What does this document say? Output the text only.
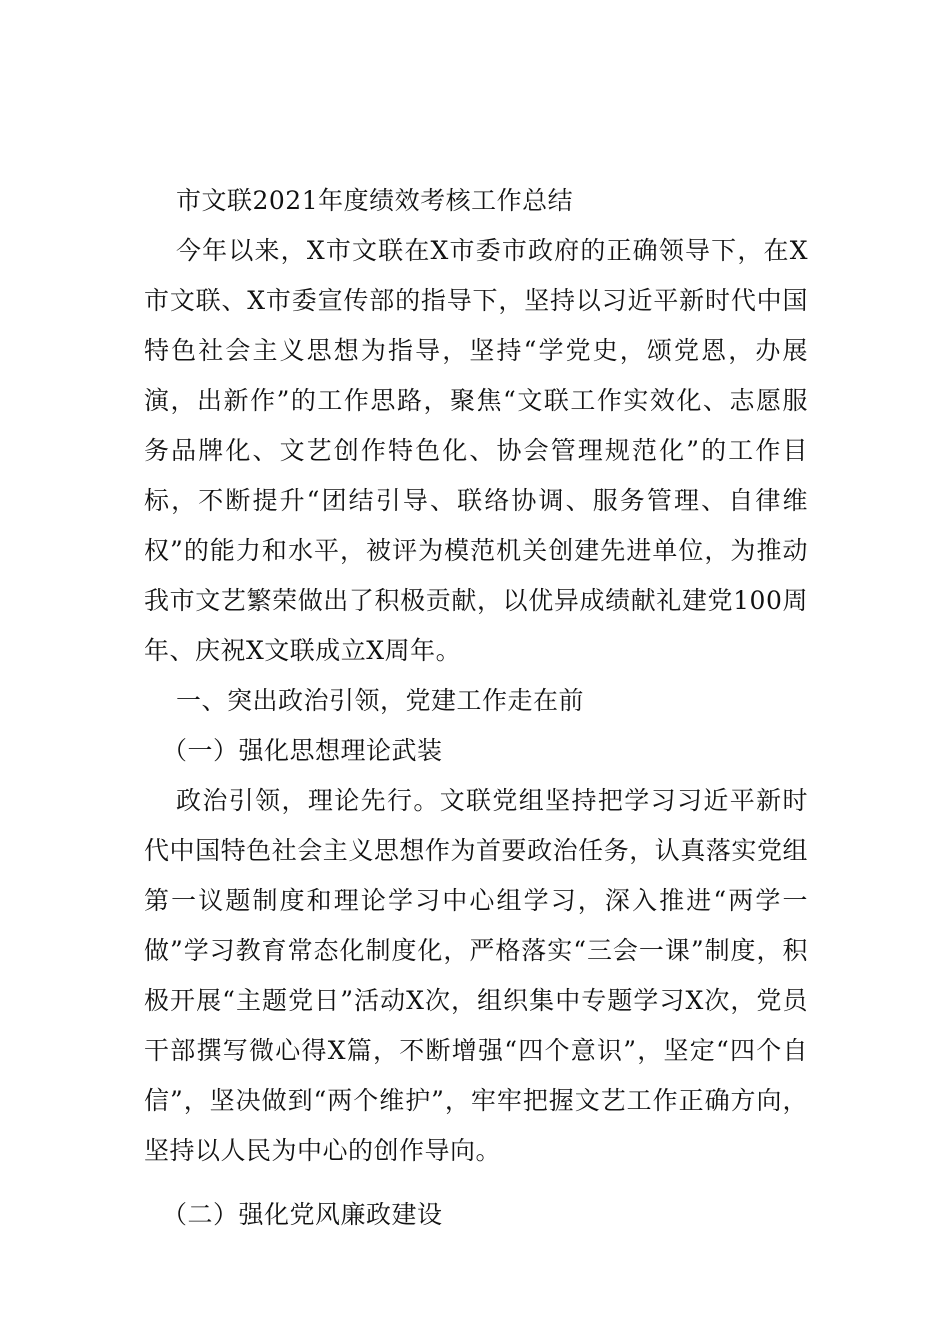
市文联2021年度绩效考核工作总结

今年以来，X市文联在X市委市政府的正确领导下，在X市文联、X市委宣传部的指导下，坚持以习近平新时代中国特色社会主义思想为指导，坚持“学党史，颂党恩，办展演，出新作”的工作思路，聚焦“文联工作实效化、志愿服务品牌化、文艺创作特色化、协会管理规范化”的工作目标，不断提升“团结引导、联络协调、服务管理、自律维权”的能力和水平，被评为模范机关创建先进单位，为推动我市文艺繁荣做出了积极贡献，以优异成绩献礼建党100周年、庆祝X文联成立X周年。

一、突出政治引领，党建工作走在前

（一）强化思想理论武装

政治引领，理论先行。文联党组坚持把学习习近平新时代中国特色社会主义思想作为首要政治任务，认真落实党组第一议题制度和理论学习中心组学习，深入推进“两学一做”学习教育常态化制度化，严格落实“三会一课”制度，积极开展“主题党日”活动X次，组织集中专题学习X次，党员干部撰写微心得X篇，不断增强“四个意识”，坚定“四个自信”，坚决做到“两个维护”，牢牢把握文艺工作正确方向，坚持以人民为中心的创作导向。

（二）强化党风廉政建设
